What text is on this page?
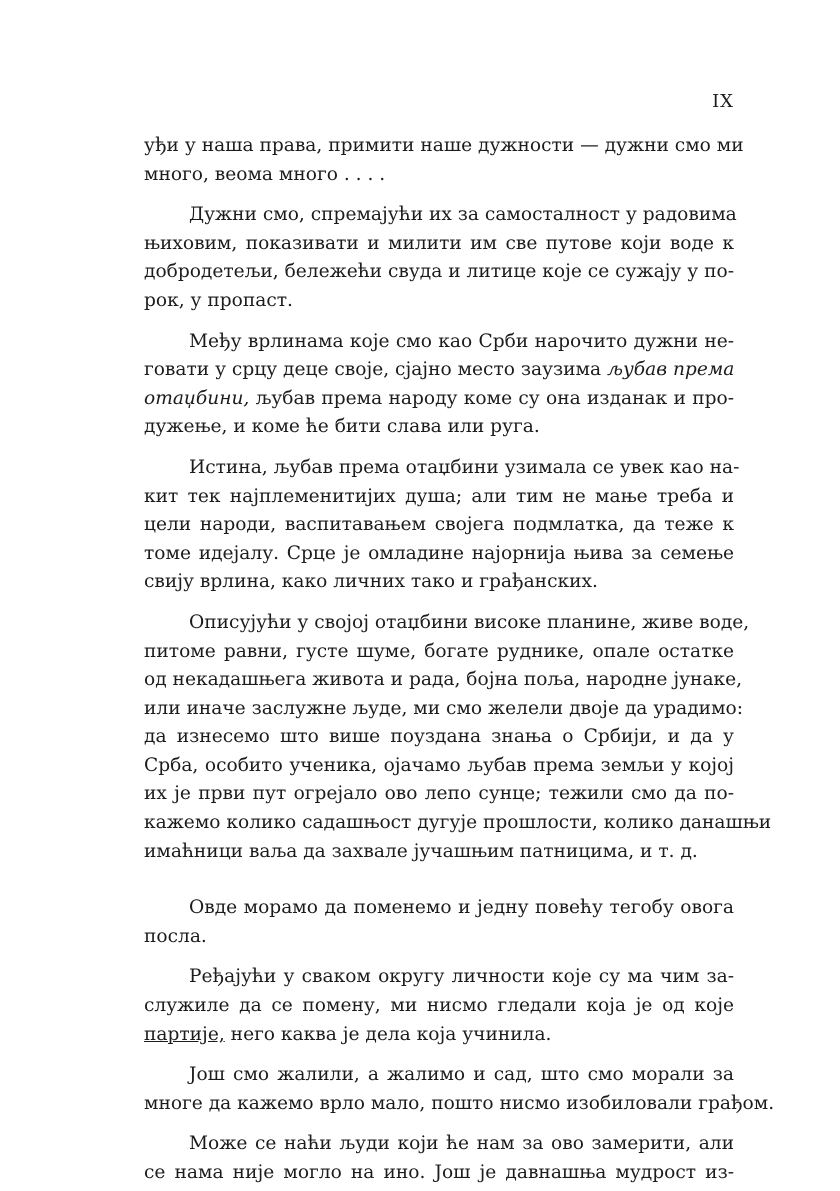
IX
уђи у наша права, примити наше дужности — дужни смо ми
много, веома много . . . .
Дужни смо, спремајући их за самосталност у радовима
њиховим, показивати и милити им све путове који воде к
добродетељи, бележећи свуда и литице које се сужају у по-
рок, у пропаст.
Међу врлинама које смо као Срби нарочито дужни не-
говати у срцу деце своје, сјајно место заузима љубав према
отаџбини, љубав према народу коме су она изданак и про-
дужење, и коме ће бити слава или руга.
Истина, љубав према отаџбини узимала се увек као на-
кит тек најплеменитијих душа; али тим не мање треба и
цели народи, васпитавањем својега подмлатка, да теже к
томе идејалу. Срце је омладине најорнија њива за семење
свију врлина, како личних тако и грађанских.
Описујући у својој отаџбини високе планине, живе воде,
питоме равни, густе шуме, богате руднике, опале остатке
од некадашњега живота и рада, бојна поља, народне јунаке,
или иначе заслужне људе, ми смо желели двоје да урадимо:
да изнесемо што више поуздана знања о Србији, и да у
Срба, особито ученика, ојачамо љубав према земљи у којој
их је први пут огрејало ово лепо сунце; тежили смо да по-
кажемо колико садашњост дугује прошлости, колико данашњи
имаћници ваља да захвале јучашњим патницима, и т. д.
Овде морамо да поменемо и једну повећу тегобу овога
посла.
Ређајући у сваком округу личности које су ма чим за-
служиле да се помену, ми нисмо гледали која је од које
партије, него каква је дела која учинила.
Још смо жалили, а жалимо и сад, што смо морали за
многе да кажемо врло мало, пошто нисмо изобиловали грађом.
Може се наћи људи који ће нам за ово замерити, али
се нама није могло на ино. Још је давнашња мудрост из-
